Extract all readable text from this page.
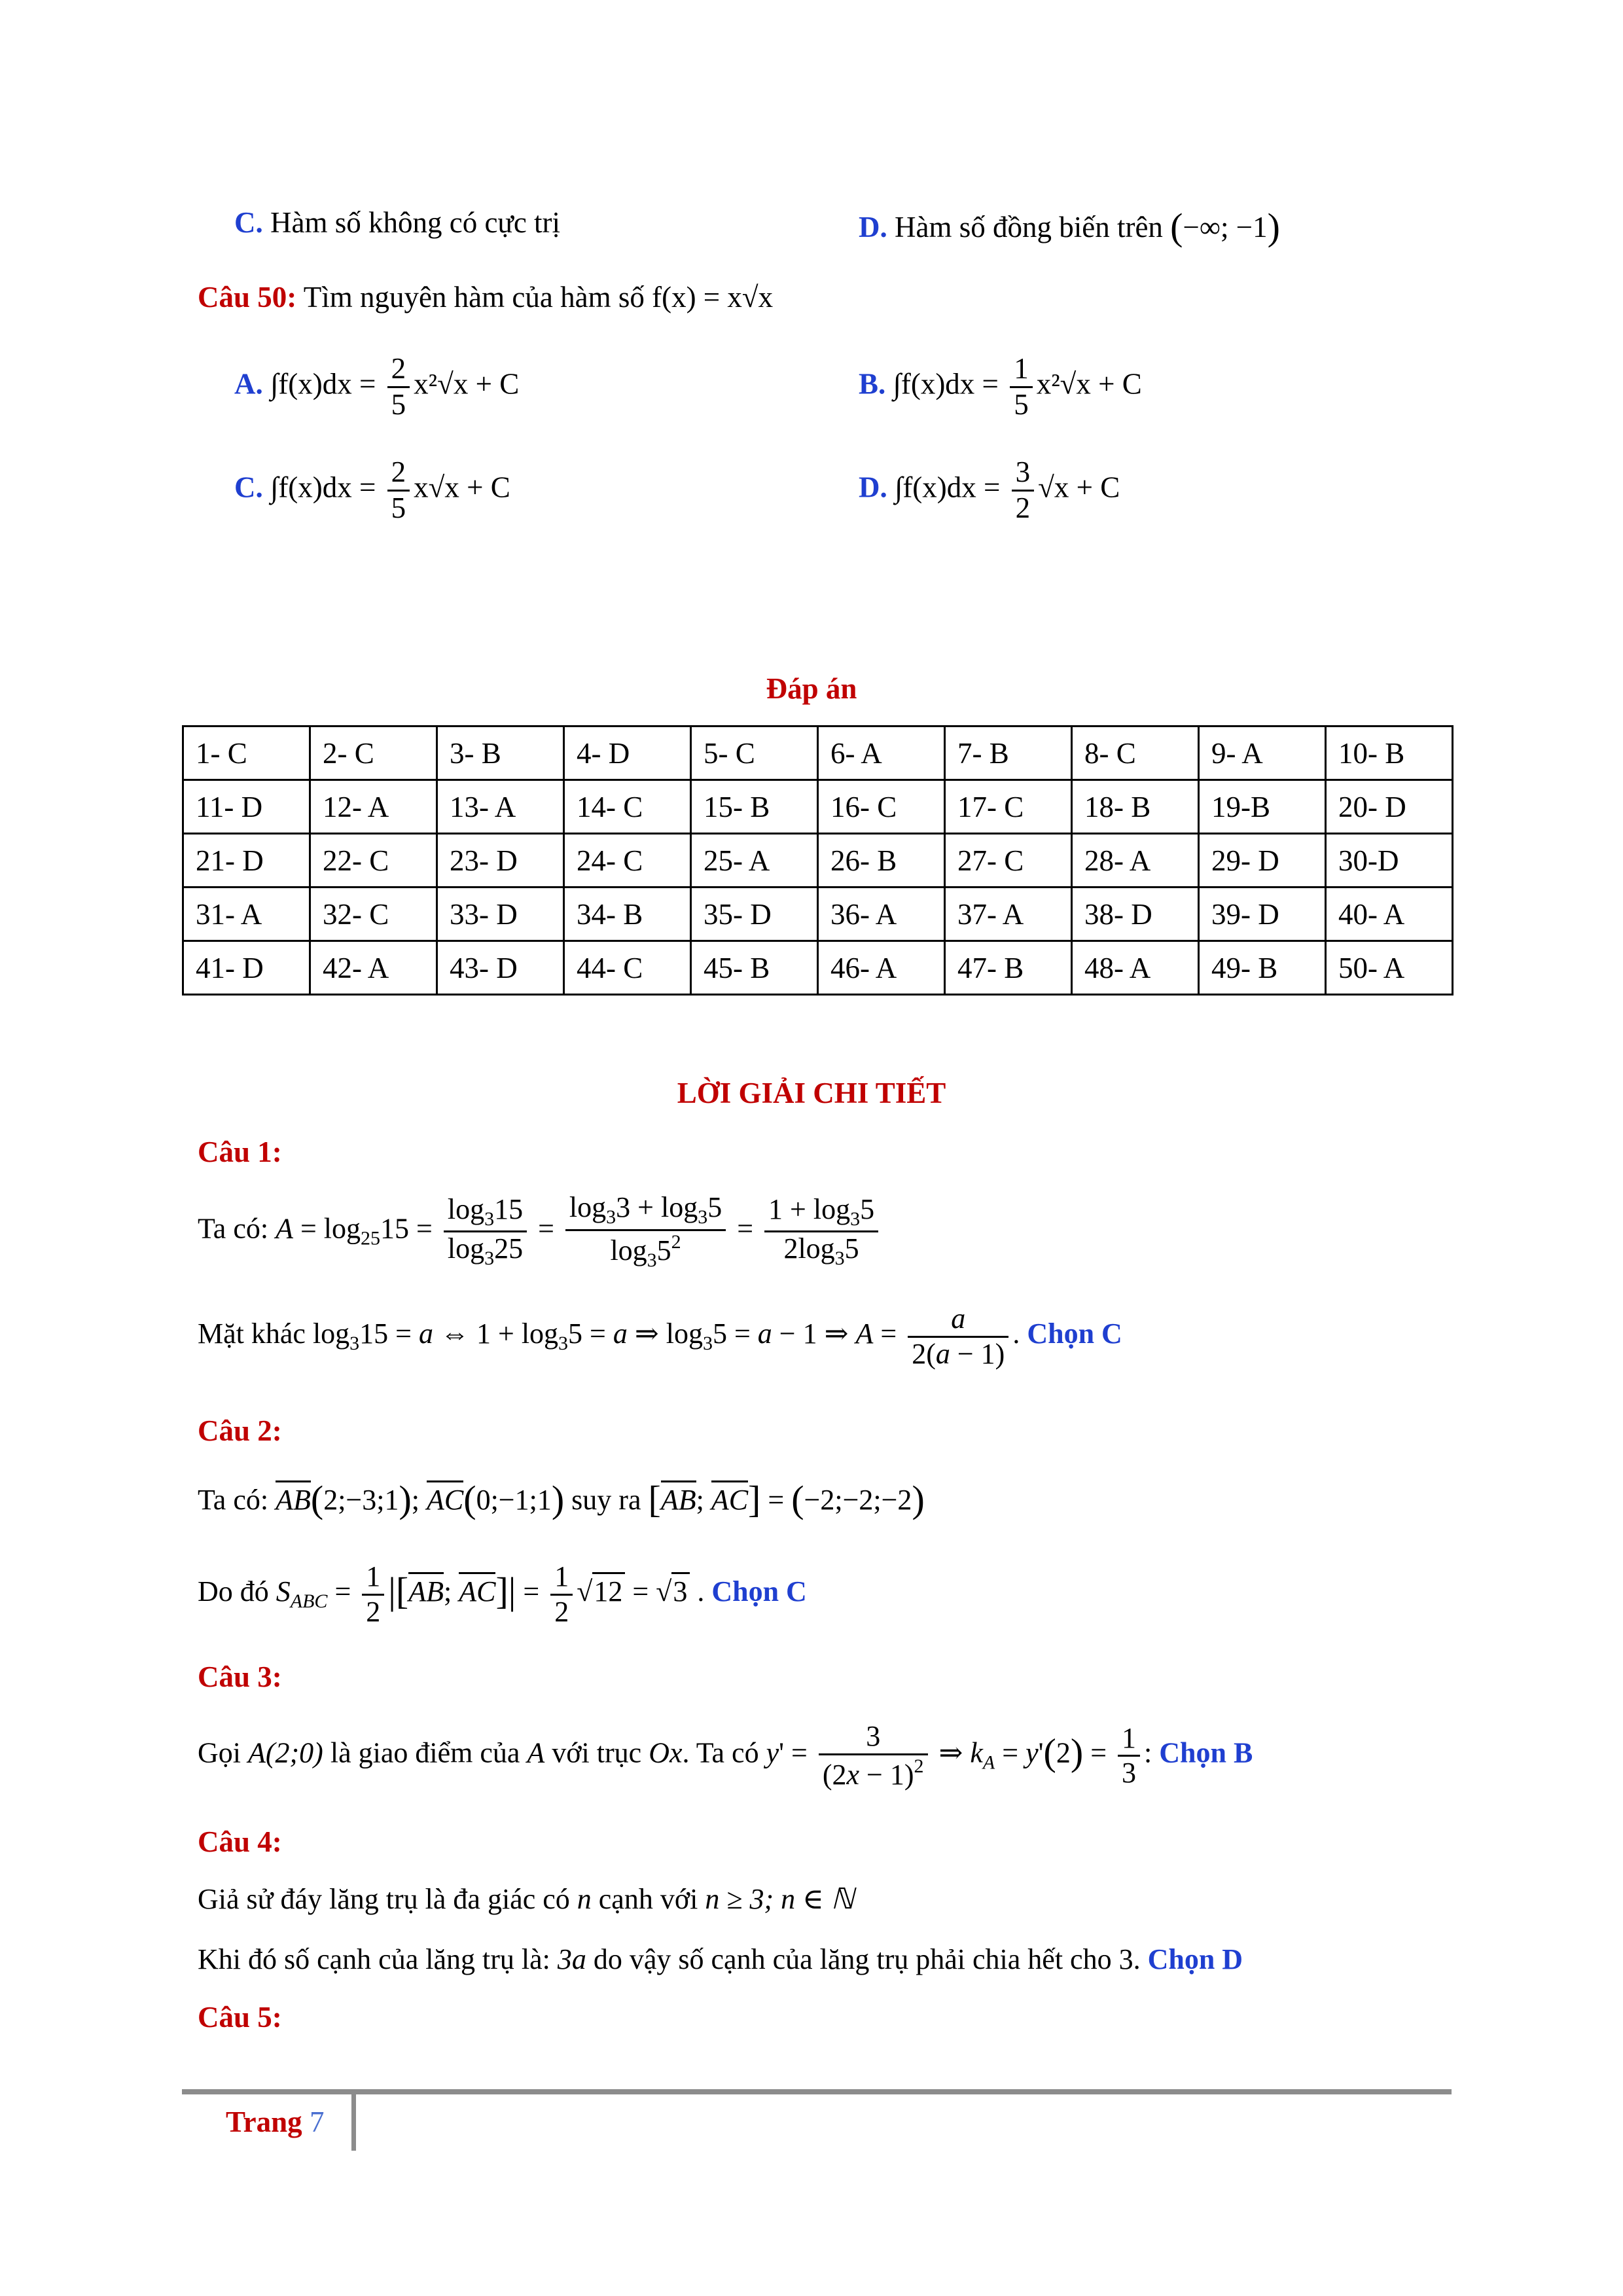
C. Hàm số không có cực trị	D. Hàm số đồng biến trên (−∞; −1)
Câu 50: Tìm nguyên hàm của hàm số f(x) = x√x
A. $\int f(x)dx = \frac{2}{5} x^2√x + C$	B. $\int f(x)dx = \frac{1}{5} x^2√x + C$
C. $\int f(x)dx = \frac{2}{5} x√x + C$	D. $\int f(x)dx = \frac{3}{2} √x + C$
Đáp án
1- C	2- C	3- B	4- D	5- C	6- A	7- B	8- C	9- A	10- B
11- D	12- A	13- A	14- C	15- B	16- C	17- C	18- B	19-B	20- D
21- D	22- C	23- D	24- C	25- A	26- B	27- C	28- A	29- D	30-D
31- A	32- C	33- D	34- B	35- D	36- A	37- A	38- D	39- D	40- A
41- D	42- A	43- D	44- C	45- B	46- A	47- B	48- A	49- B	50- A
LỜI GIẢI CHI TIẾT
Câu 1:
Ta có: $A = \log_{25}15 = \frac{\log_315}{\log_325} = \frac{\log_33 + \log_35}{\log_35^2} = \frac{1 + \log_35}{2\log_35}$
Mặt khác $\log_315 = a$ ⇔ $1 + \log_35 = a$ ⇒ $\log_35 = a - 1$ ⇒ $A = \frac{a}{2(a - 1)}$ . Chọn C
Câu 2:
Ta có: AB(2;−3;1); AC(0;−1;1) suy ra [AB; AC] = (−2;−2;−2)
Do đó $S_{ABC} = \frac{1}{2} |[AB$; $AC]| = \frac{1}{2} √12 = √3$ . Chọn C
Câu 3:
Gọi A(2;0) là giao điểm của A với trục Ox. Ta có $y' = \frac{3}{(2x - 1)^2}$ ⇒ $k_A = y'(2) = \frac{1}{3}$ : Chọn B
Câu 4:
Giả sử đáy lăng trụ là đa giác có n cạnh với n ≥ 3; n ∈ ℕ
Khi đó số cạnh của lăng trụ là: 3a do vậy số cạnh của lăng trụ phải chia hết cho 3. Chọn D
Câu 5:
Trang 7
